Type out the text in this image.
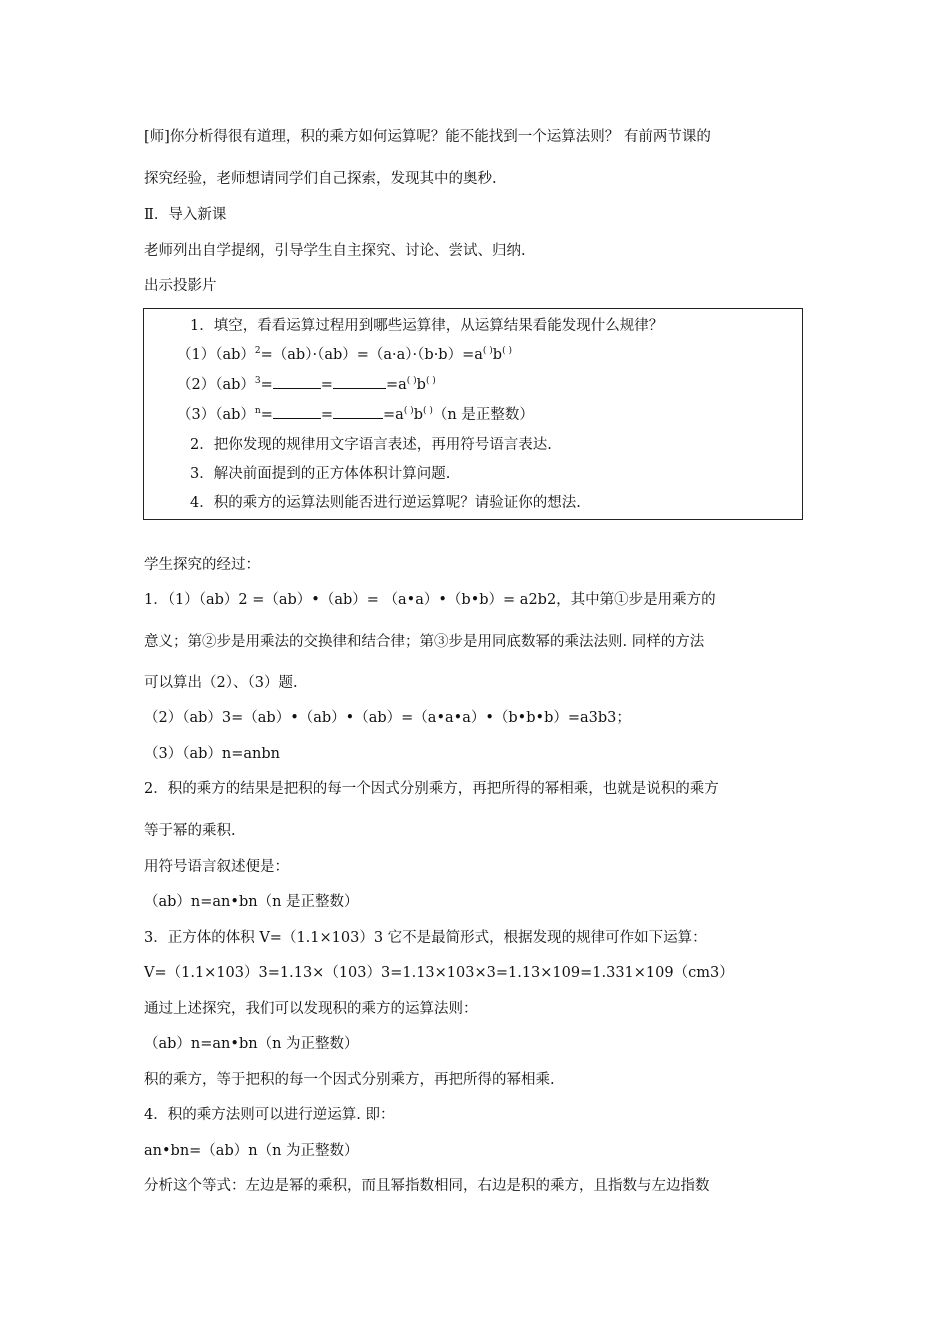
[师]你分析得很有道理，积的乘方如何运算呢？能不能找到一个运算法则？ 有前两节课的
探究经验，老师想请同学们自己探索，发现其中的奥秒.
Ⅱ．导入新课
老师列出自学提纲，引导学生自主探究、讨论、尝试、归纳.
出示投影片
1．填空，看看运算过程用到哪些运算律，从运算结果看能发现什么规律？
（1）（ab）$^2$=（ab）·（ab）=（a·a）·（b·b）=a( )b( )
（2）（ab）$^3$=	=	=a( )b( )
（3）（ab）$^n$=	=	=a( )b( )（n 是正整数）
2．把你发现的规律用文字语言表述，再用符号语言表达.
3．解决前面提到的正方体体积计算问题.
4．积的乘方的运算法则能否进行逆运算呢？请验证你的想法.
学生探究的经过：
1．（1）（ab）2 =（ab）•（ab）= （a•a）•（b•b）= a2b2，其中第①步是用乘方的
意义；第②步是用乘法的交换律和结合律；第③步是用同底数幂的乘法法则. 同样的方法
可以算出（2）、（3）题.
（2）（ab）3=（ab）•（ab）•（ab）=（a•a•a）•（b•b•b）=a3b3；
（3）（ab）n=anbn
2．积的乘方的结果是把积的每一个因式分别乘方，再把所得的幂相乘，也就是说积的乘方
等于幂的乘积.
用符号语言叙述便是：
（ab）n=an•bn（n 是正整数）
3．正方体的体积 V=（1.1×103）3 它不是最简形式，根据发现的规律可作如下运算：
V=（1.1×103）3=1.13×（103）3=1.13×103×3=1.13×109=1.331×109（cm3）
通过上述探究，我们可以发现积的乘方的运算法则：
（ab）n=an•bn（n 为正整数）
积的乘方，等于把积的每一个因式分别乘方，再把所得的幂相乘.
4．积的乘方法则可以进行逆运算. 即：
an•bn=（ab）n（n 为正整数）
分析这个等式：左边是幂的乘积，而且幂指数相同，右边是积的乘方，且指数与左边指数
